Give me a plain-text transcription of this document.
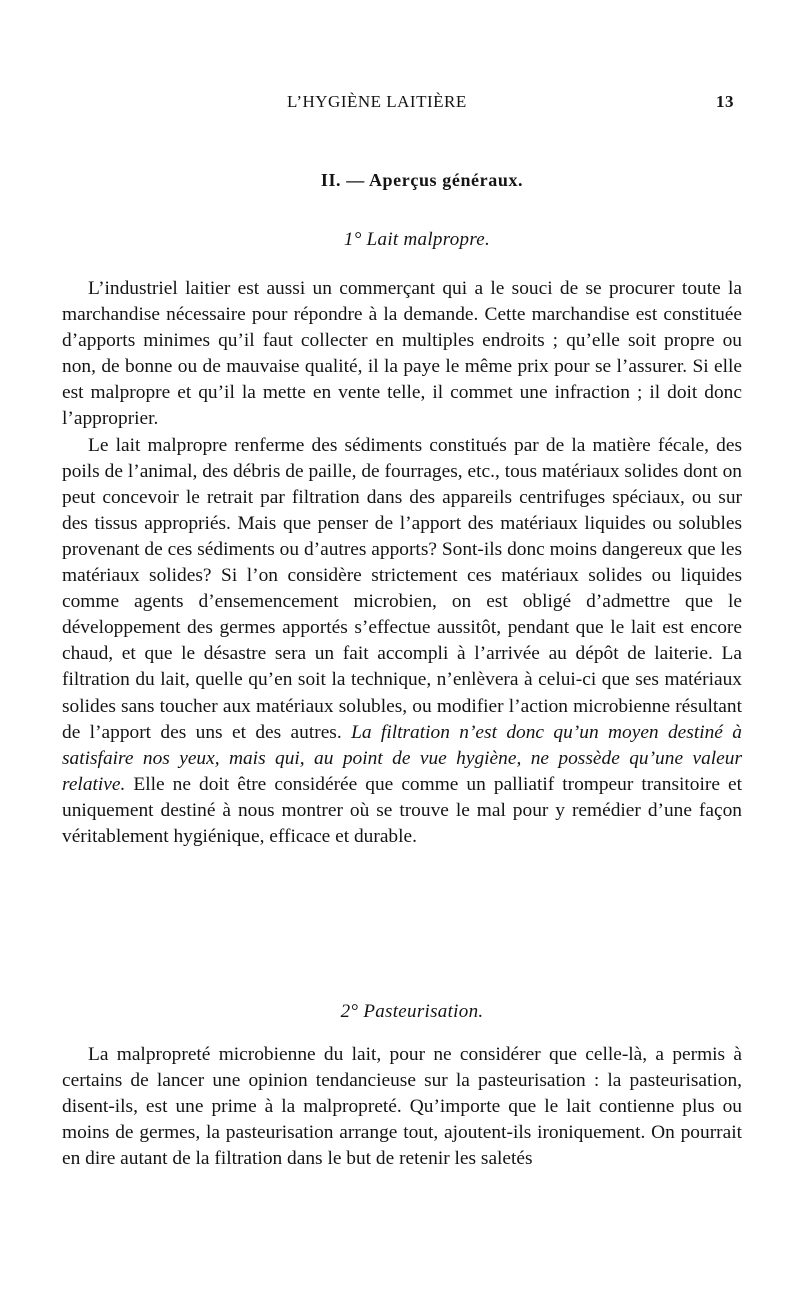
L’HYGIÈNE LAITIÈRE	13
II. — Aperçus généraux.
1° Lait malpropre.

L’industriel laitier est aussi un commerçant qui a le souci de se procurer toute la marchandise nécessaire pour répondre à la demande. Cette marchandise est constituée d’apports minimes qu’il faut collecter en multiples endroits ; qu’elle soit propre ou non, de bonne ou de mauvaise qualité, il la paye le même prix pour se l’assurer. Si elle est malpropre et qu’il la mette en vente telle, il commet une infraction ; il doit donc l’approprier.

Le lait malpropre renferme des sédiments constitués par de la matière fécale, des poils de l’animal, des débris de paille, de fourrages, etc., tous matériaux solides dont on peut concevoir le retrait par filtration dans des appareils centrifuges spéciaux, ou sur des tissus appropriés. Mais que penser de l’apport des matériaux liquides ou solubles provenant de ces sédiments ou d’autres apports? Sont-ils donc moins dangereux que les matériaux solides? Si l’on considère strictement ces matériaux solides ou liquides comme agents d’ensemencement microbien, on est obligé d’admettre que le développement des germes apportés s’effectue aussitôt, pendant que le lait est encore chaud, et que le désastre sera un fait accompli à l’arrivée au dépôt de laiterie. La filtration du lait, quelle qu’en soit la technique, n’enlèvera à celui-ci que ses matériaux solides sans toucher aux matériaux solubles, ou modifier l’action microbienne résultant de l’apport des uns et des autres. La filtration n’est donc qu’un moyen destiné à satisfaire nos yeux, mais qui, au point de vue hygiène, ne possède qu’une valeur relative. Elle ne doit être considérée que comme un palliatif trompeur transitoire et uniquement destiné à nous montrer où se trouve le mal pour y remédier d’une façon véritablement hygiénique, efficace et durable.

2° Pasteurisation.

La malpropreté microbienne du lait, pour ne considérer que celle-là, a permis à certains de lancer une opinion tendancieuse sur la pasteurisation : la pasteurisation, disent-ils, est une prime à la malpropreté. Qu’importe que le lait contienne plus ou moins de germes, la pasteurisation arrange tout, ajoutent-ils ironiquement. On pourrait en dire autant de la filtration dans le but de retenir les saletés
